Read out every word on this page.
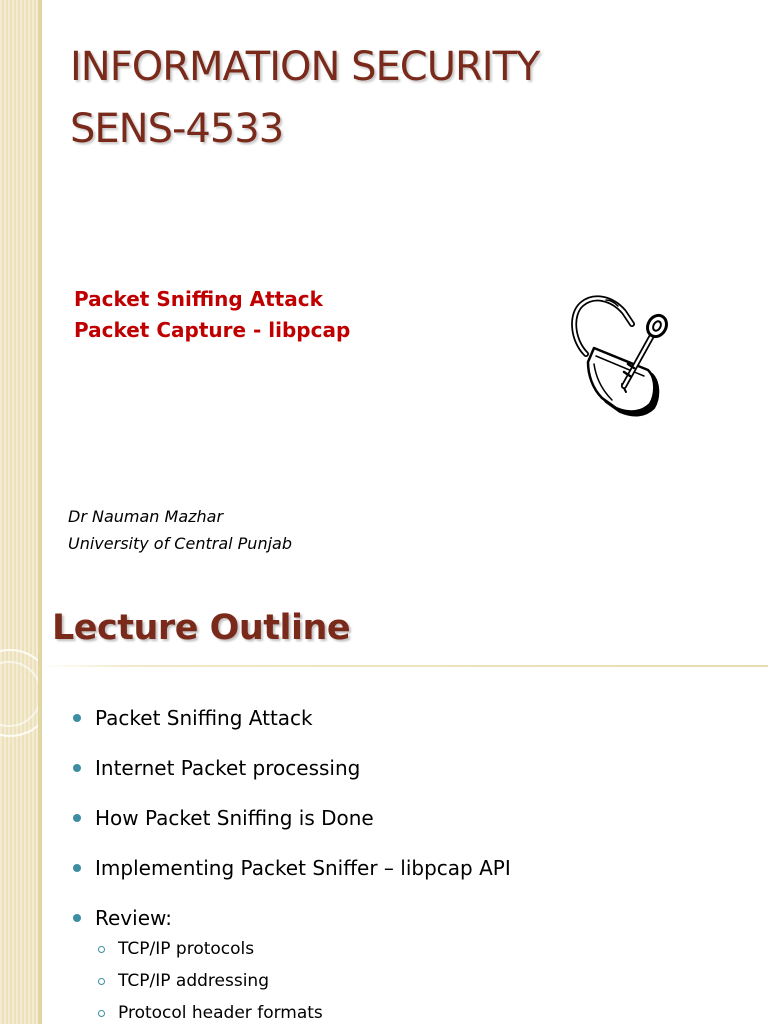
INFORMATION SECURITY
SENS-4533
Packet Sniffing Attack
Packet Capture - libpcap
Dr Nauman Mazhar
University of Central Punjab
Lecture Outline
Packet Sniffing Attack
Internet Packet processing
How Packet Sniffing is Done
Implementing Packet Sniffer – libpcap API
Review:
TCP/IP protocols
TCP/IP addressing
Protocol header formats
